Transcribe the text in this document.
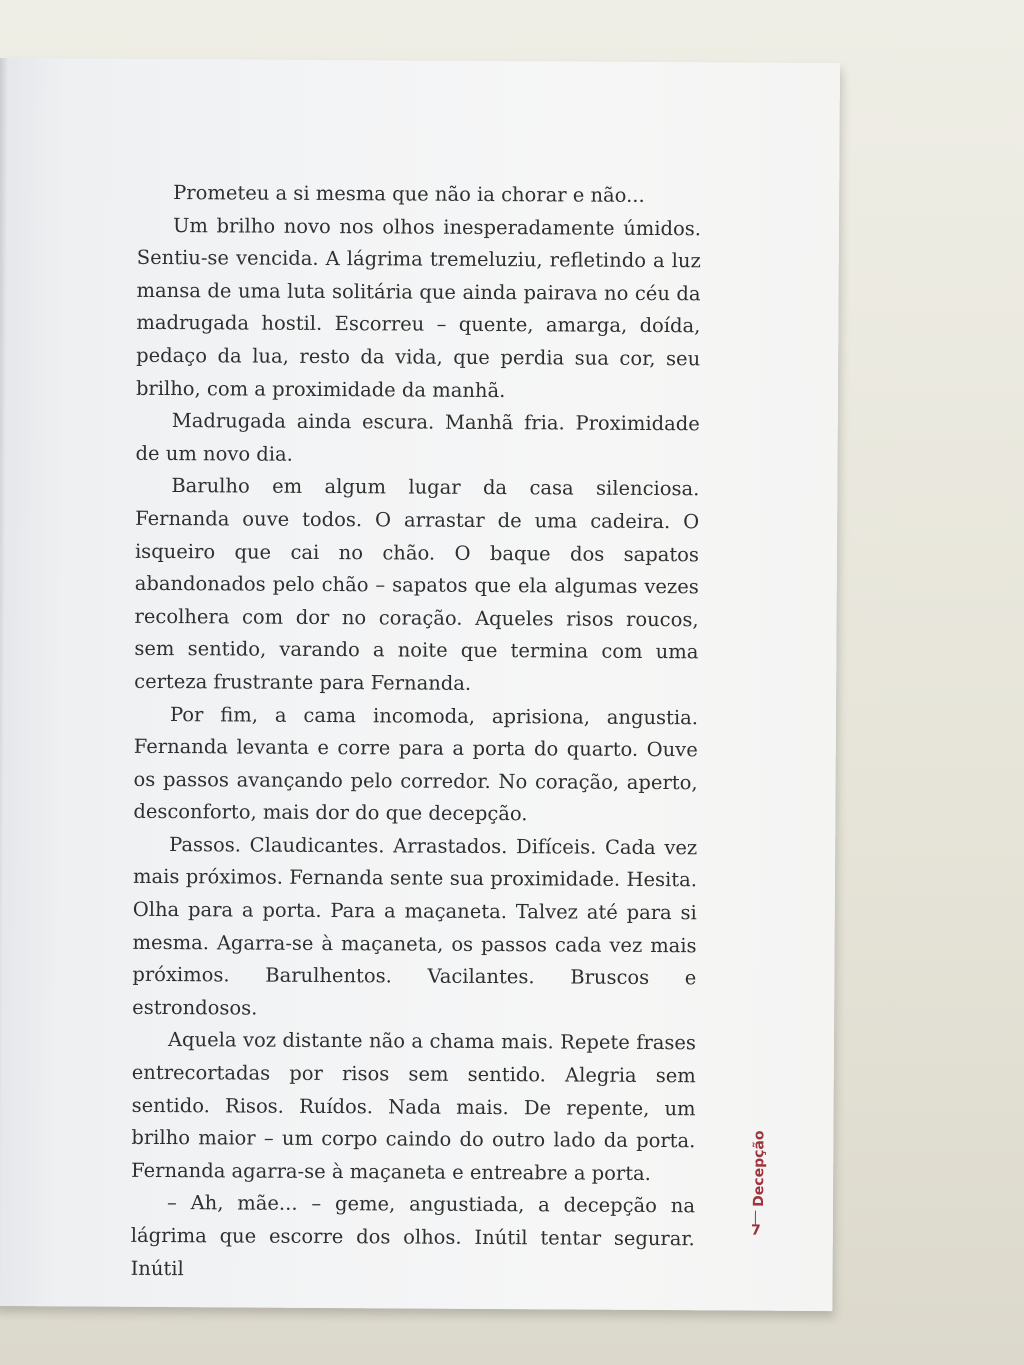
Prometeu a si mesma que não ia chorar e não...

Um brilho novo nos olhos inesperadamente úmidos. Sentiu-se vencida. A lágrima tremeluziu, refletindo a luz mansa de uma luta solitária que ainda pairava no céu da madrugada hostil. Escorreu – quente, amarga, doída, pedaço da lua, resto da vida, que perdia sua cor, seu brilho, com a proximidade da manhã.

Madrugada ainda escura. Manhã fria. Proximidade de um novo dia.

Barulho em algum lugar da casa silenciosa. Fernanda ouve todos. O arrastar de uma cadeira. O isqueiro que cai no chão. O baque dos sapatos abandonados pelo chão – sapatos que ela algumas vezes recolhera com dor no coração. Aqueles risos roucos, sem sentido, varando a noite que termina com uma certeza frustrante para Fernanda.

Por fim, a cama incomoda, aprisiona, angustia. Fernanda levanta e corre para a porta do quarto. Ouve os passos avançando pelo corredor. No coração, aperto, desconforto, mais dor do que decepção.

Passos. Claudicantes. Arrastados. Difíceis. Cada vez mais próximos. Fernanda sente sua proximidade. Hesita. Olha para a porta. Para a maçaneta. Talvez até para si mesma. Agarra-se à maçaneta, os passos cada vez mais próximos. Barulhentos. Vacilantes. Bruscos e estrondosos.

Aquela voz distante não a chama mais. Repete frases entrecortadas por risos sem sentido. Alegria sem sentido. Risos. Ruídos. Nada mais. De repente, um brilho maior – um corpo caindo do outro lado da porta. Fernanda agarra-se à maçaneta e entreabre a porta.

– Ah, mãe... – geme, angustiada, a decepção na lágrima que escorre dos olhos. Inútil tentar segurar. Inútil

Decepção
7
